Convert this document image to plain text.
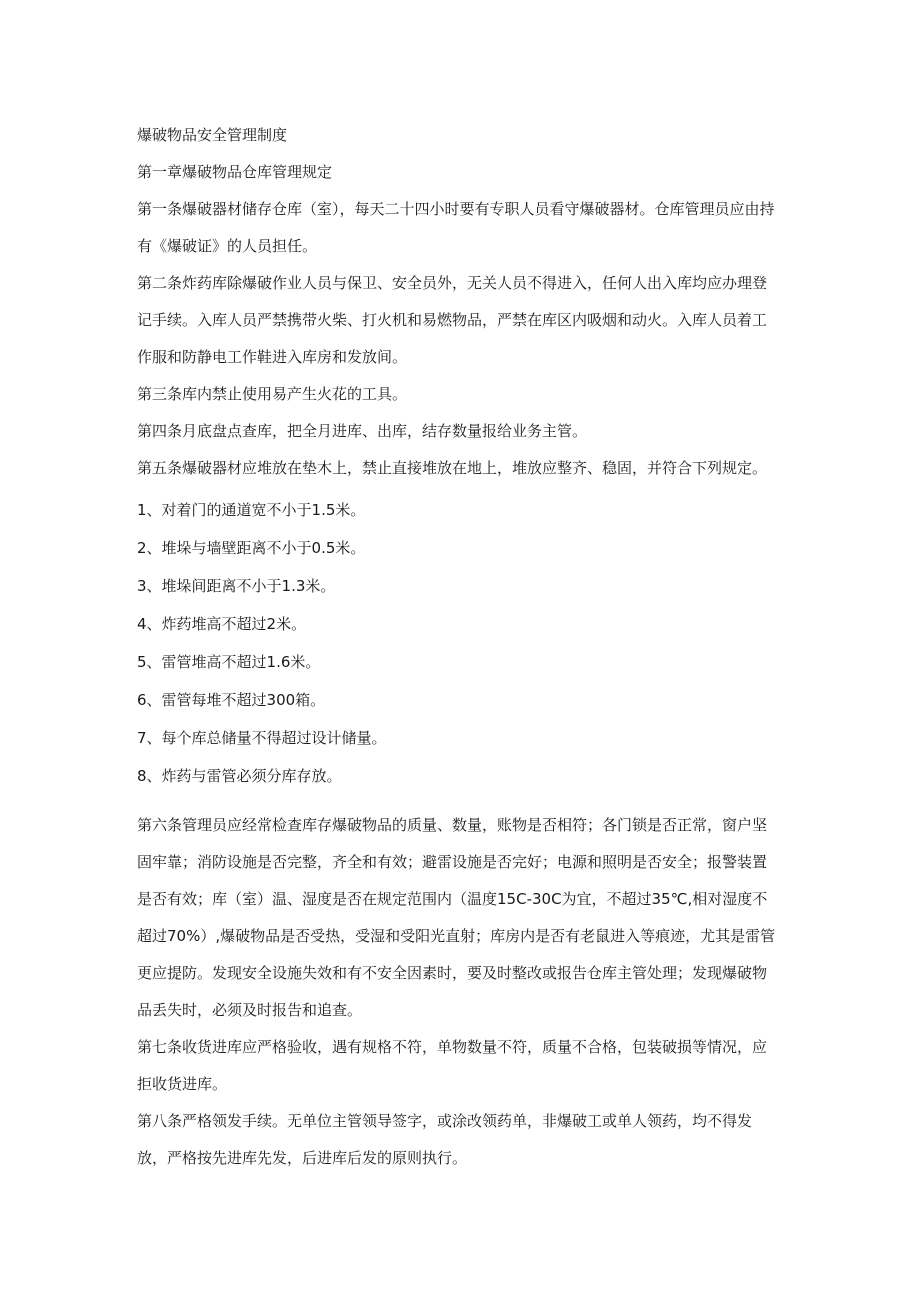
爆破物品安全管理制度

第一章爆破物品仓库管理规定

第一条爆破器材储存仓库（室），每天二十四小时要有专职人员看守爆破器材。仓库管理员应由持有《爆破证》的人员担任。

第二条炸药库除爆破作业人员与保卫、安全员外，无关人员不得进入，任何人出入库均应办理登记手续。入库人员严禁携带火柴、打火机和易燃物品，严禁在库区内吸烟和动火。入库人员着工作服和防静电工作鞋进入库房和发放间。

第三条库内禁止使用易产生火花的工具。

第四条月底盘点查库，把全月进库、出库，结存数量报给业务主管。

第五条爆破器材应堆放在垫木上，禁止直接堆放在地上，堆放应整齐、稳固，并符合下列规定。

1、对着门的通道宽不小于1.5米。

2、堆垛与墙壁距离不小于0.5米。

3、堆垛间距离不小于1.3米。

4、炸药堆高不超过2米。

5、雷管堆高不超过1.6米。

6、雷管每堆不超过300箱。

7、每个库总储量不得超过设计储量。

8、炸药与雷管必须分库存放。

第六条管理员应经常检查库存爆破物品的质量、数量，账物是否相符；各门锁是否正常，窗户坚固牢靠；消防设施是否完整，齐全和有效；避雷设施是否完好；电源和照明是否安全；报警装置是否有效；库（室）温、湿度是否在规定范围内（温度15C-30C为宜，不超过35℃,相对湿度不超过70%）,爆破物品是否受热，受湿和受阳光直射；库房内是否有老鼠进入等痕迹，尤其是雷管更应提防。发现安全设施失效和有不安全因素时，要及时整改或报告仓库主管处理；发现爆破物品丢失时，必须及时报告和追查。

第七条收货进库应严格验收，遇有规格不符，单物数量不符，质量不合格，包装破损等情况，应拒收货进库。

第八条严格领发手续。无单位主管领导签字，或涂改领药单，非爆破工或单人领药，均不得发放，严格按先进库先发，后进库后发的原则执行。
